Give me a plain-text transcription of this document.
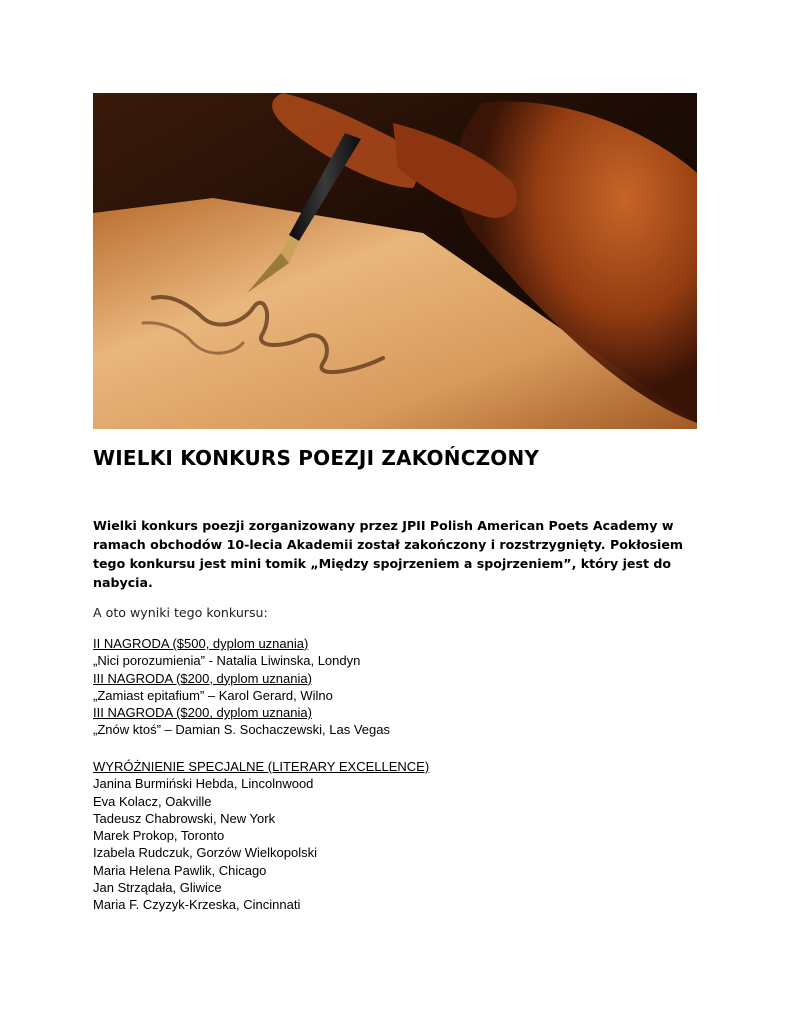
WIELKI KONKURS POEZJI ZAKOŃCZONY
Wielki konkurs poezji zorganizowany przez JPII Polish American Poets Academy w ramach obchodów 10-lecia Akademii został zakończony i rozstrzygnięty. Pokłosiem tego konkursu jest mini tomik „Między spojrzeniem a spojrzeniem”, który jest do nabycia.
A oto wyniki tego konkursu:
II NAGRODA ($500, dyplom uznania)
„Nici porozumienia” - Natalia Liwinska, Londyn
III NAGRODA ($200, dyplom uznania)
„Zamiast epitafium” – Karol Gerard, Wilno
III NAGRODA ($200, dyplom uznania)
„Znów ktoś” – Damian S. Sochaczewski, Las Vegas
WYRÓŻNIENIE SPECJALNE (LITERARY EXCELLENCE)
Janina Burmiński Hebda, Lincolnwood
Eva Kolacz, Oakville
Tadeusz Chabrowski, New York
Marek Prokop, Toronto
Izabela Rudczuk, Gorzów Wielkopolski
Maria Helena Pawlik, Chicago
Jan Strządała, Gliwice
Maria F. Czyzyk-Krzeska, Cincinnati
